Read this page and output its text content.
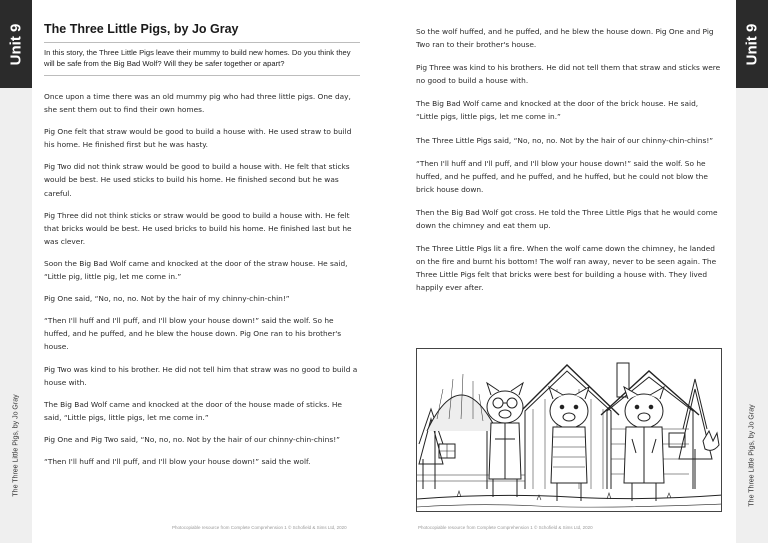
Unit 9
The Three Little Pigs, by Jo Gray
Unit 9
The Three Little Pigs, by Jo Gray
The Three Little Pigs, by Jo Gray
In this story, the Three Little Pigs leave their mummy to build new homes. Do you think they will be safe from the Big Bad Wolf? Will they be safer together or apart?

Once upon a time there was an old mummy pig who had three little pigs. One day, she sent them out to find their own homes.

Pig One felt that straw would be good to build a house with. He used straw to build his home. He finished first but he was hasty.

Pig Two did not think straw would be good to build a house with. He felt that sticks would be best. He used sticks to build his home. He finished second but he was careful.

Pig Three did not think sticks or straw would be good to build a house with. He felt that bricks would be best. He used bricks to build his home. He finished last but he was clever.

Soon the Big Bad Wolf came and knocked at the door of the straw house. He said, “Little pig, little pig, let me come in.”

Pig One said, “No, no, no. Not by the hair of my chinny-chin-chin!”

“Then I'll huff and I'll puff, and I'll blow your house down!” said the wolf. So he huffed, and he puffed, and he blew the house down. Pig One ran to his brother's house.

Pig Two was kind to his brother. He did not tell him that straw was no good to build a house with.

The Big Bad Wolf came and knocked at the door of the house made of sticks. He said, “Little pigs, little pigs, let me come in.”

Pig One and Pig Two said, “No, no, no. Not by the hair of our chinny-chin-chins!”

“Then I'll huff and I'll puff, and I'll blow your house down!” said the wolf.

Photocopiable resource from Complete Comprehension 1 © Schofield & Sims Ltd, 2020

So the wolf huffed, and he puffed, and he blew the house down. Pig One and Pig Two ran to their brother's house.

Pig Three was kind to his brothers. He did not tell them that straw and sticks were no good to build a house with.

The Big Bad Wolf came and knocked at the door of the brick house. He said, “Little pigs, little pigs, let me come in.”

The Three Little Pigs said, “No, no, no. Not by the hair of our chinny-chin-chins!”

“Then I'll huff and I'll puff, and I'll blow your house down!” said the wolf. So he huffed, and he puffed, and he puffed, and he huffed, but he could not blow the brick house down.

Then the Big Bad Wolf got cross. He told the Three Little Pigs that he would come down the chimney and eat them up.

The Three Little Pigs lit a fire. When the wolf came down the chimney, he landed on the fire and burnt his bottom! The wolf ran away, never to be seen again. The Three Little Pigs felt that bricks were best for building a house with. They lived happily ever after.

Photocopiable resource from Complete Comprehension 1 © Schofield & Sims Ltd, 2020
